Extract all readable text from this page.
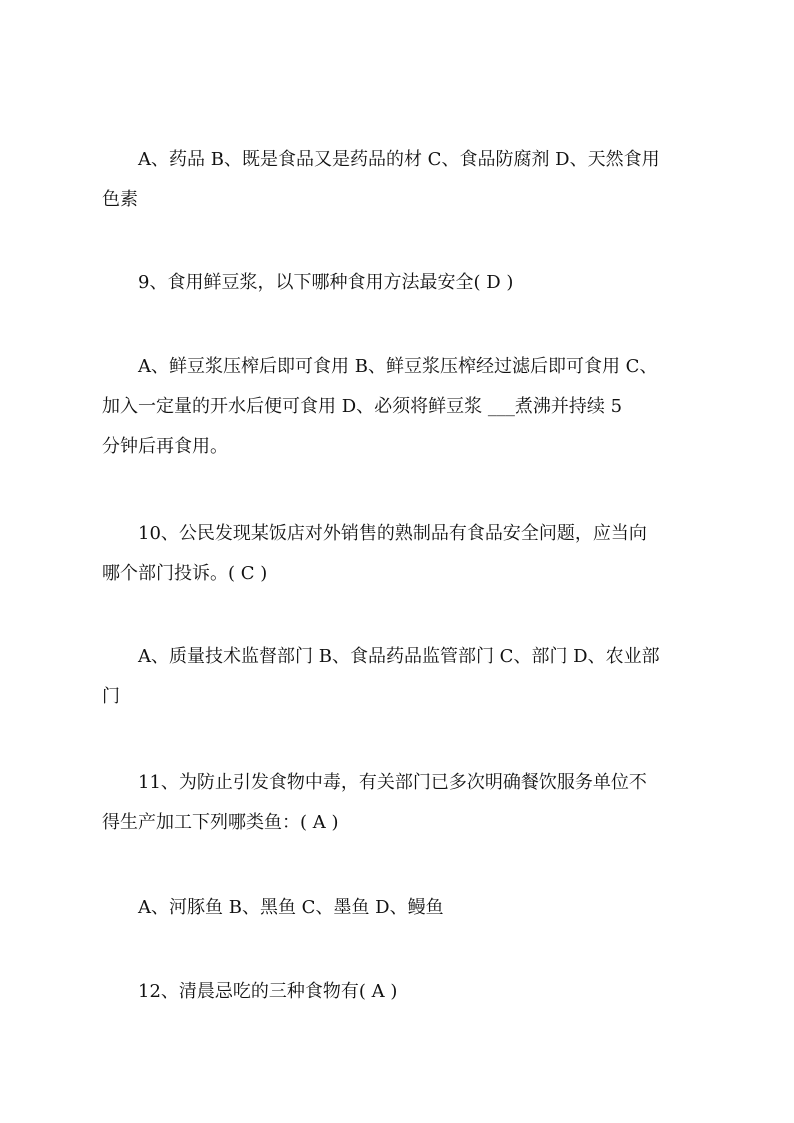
A、药品 B、既是食品又是药品的材 C、食品防腐剂 D、天然食用
色素
9、食用鲜豆浆，以下哪种食用方法最安全( D )
A、鲜豆浆压榨后即可食用 B、鲜豆浆压榨经过滤后即可食用 C、
加入一定量的开水后便可食用 D、必须将鲜豆浆 ___煮沸并持续 5
分钟后再食用。
10、公民发现某饭店对外销售的熟制品有食品安全问题，应当向
哪个部门投诉。( C )
A、质量技术监督部门 B、食品药品监管部门 C、部门 D、农业部
门
11、为防止引发食物中毒，有关部门已多次明确餐饮服务单位不
得生产加工下列哪类鱼：( A )
A、河豚鱼 B、黑鱼 C、墨鱼 D、鳗鱼
12、清晨忌吃的三种食物有( A )
